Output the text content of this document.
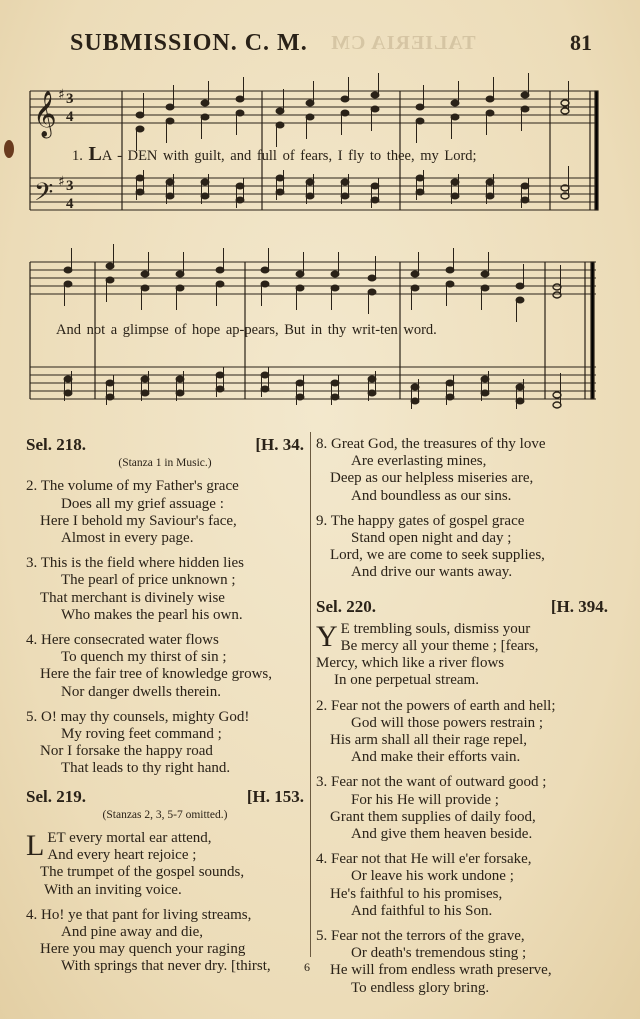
TALIERIA CM
SUBMISSION. C. M.	81
𝄞
𝄢
♯
♯
3
4
3
4
1. LA - DEN with guilt, and full of fears, I fly to thee, my Lord;
And not a glimpse of hope ap-pears, But in thy writ-ten word.
Sel. 218.	[H. 34.
(Stanza 1 in Music.)
2. The volume of my Father's grace
Does all my grief assuage :
Here I behold my Saviour's face,
Almost in every page.
3. This is the field where hidden lies
The pearl of price unknown ;
That merchant is divinely wise
Who makes the pearl his own.
4. Here consecrated water flows
To quench my thirst of sin ;
Here the fair tree of knowledge grows,
Nor danger dwells therein.
5. O! may thy counsels, mighty God!
My roving feet command ;
Nor I forsake the happy road
That leads to thy right hand.
Sel. 219.	[H. 153.
(Stanzas 2, 3, 5-7 omitted.)
L ET every mortal ear attend,
And every heart rejoice ;
The trumpet of the gospel sounds,
With an inviting voice.
4. Ho! ye that pant for living streams,
And pine away and die,
Here you may quench your raging
With springs that never dry. [thirst,
8. Great God, the treasures of thy love
Are everlasting mines,
Deep as our helpless miseries are,
And boundless as our sins.
9. The happy gates of gospel grace
Stand open night and day ;
Lord, we are come to seek supplies,
And drive our wants away.
Sel. 220.	[H. 394.
Y E trembling souls, dismiss your
Be mercy all your theme ; [fears,
Mercy, which like a river flows
In one perpetual stream.
2. Fear not the powers of earth and hell;
God will those powers restrain ;
His arm shall all their rage repel,
And make their efforts vain.
3. Fear not the want of outward good ;
For his He will provide ;
Grant them supplies of daily food,
And give them heaven beside.
4. Fear not that He will e'er forsake,
Or leave his work undone ;
He's faithful to his promises,
And faithful to his Son.
5. Fear not the terrors of the grave,
Or death's tremendous sting ;
He will from endless wrath preserve,
To endless glory bring.
6
